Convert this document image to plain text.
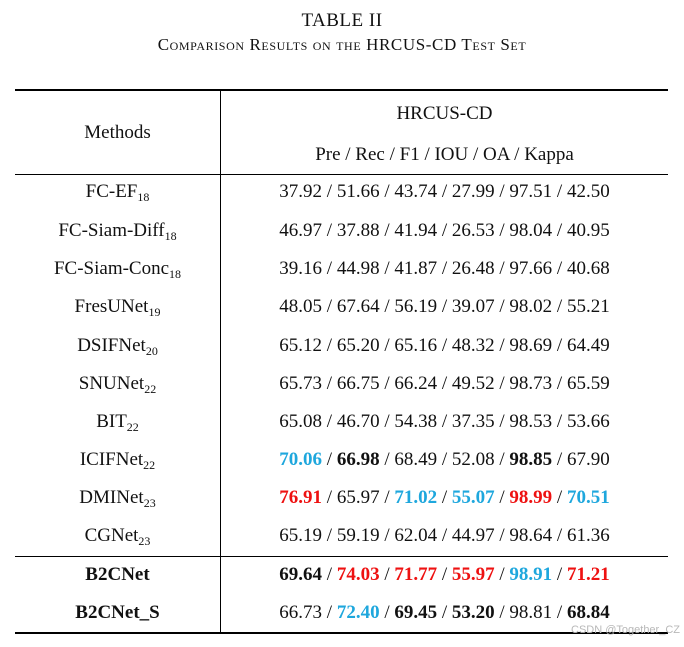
TABLE II
Comparison Results on the HRCUS-CD Test Set
Methods
HRCUS-CD
Pre / Rec / F1 / IOU / OA / Kappa
$FC-EF_{18}$	37.92 / 51.66 / 43.74 / 27.99 / 97.51 / 42.50
FC-Siam-Diff$_{18}$	46.97 / 37.88 / 41.94 / 26.53 / 98.04 / 40.95
FC-Siam-Conc$_{18}$	39.16 / 44.98 / 41.87 / 26.48 / 97.66 / 40.68
FresUNet$_{19}$	48.05 / 67.64 / 56.19 / 39.07 / 98.02 / 55.21
DSIFNet$_{20}$	65.12 / 65.20 / 65.16 / 48.32 / 98.69 / 64.49
SNUNet$_{22}$	65.73 / 66.75 / 66.24 / 49.52 / 98.73 / 65.59
$BIT_{22}$	65.08 / 46.70 / 54.38 / 37.35 / 98.53 / 53.66
ICIFNet$_{22}$	70.06 / 66.98 / 68.49 / 52.08 / 98.85 / 67.90
DMINet$_{23}$	76.91 / 65.97 / 71.02 / 55.07 / 98.99 / 70.51
CGNet$_{23}$	65.19 / 59.19 / 62.04 / 44.97 / 98.64 / 61.36
B2CNet	69.64 / 74.03 / 71.77 / 55.97 / 98.91 / 71.21
B2CNet_S	66.73 / 72.40 / 69.45 / 53.20 / 98.81 / 68.84
CSDN @Together_CZ
